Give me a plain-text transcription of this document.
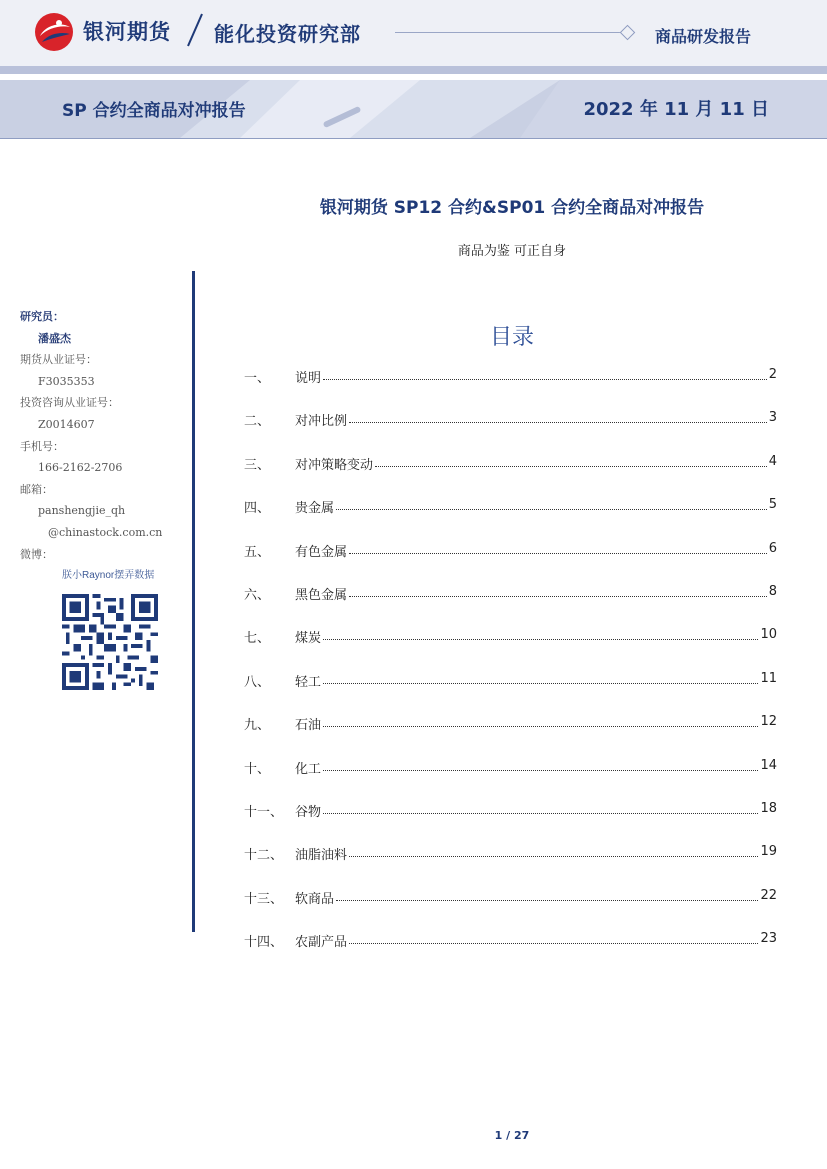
银河期货 能化投资研究部	商品研发报告
SP 合约全商品对冲报告	2022 年 11 月 11 日
银河期货 SP12 合约&SP01 合约全商品对冲报告
商品为鉴 可正自身
研究员：
潘盛杰
期货从业证号：
F3035353
投资咨询从业证号：
Z0014607
手机号：
166-2162-2706
邮箱：
panshengjie_qh
@chinastock.com.cn
微博：
朕小Raynor摆弄数据
目录
一、	说明	2
二、	对冲比例	3
三、	对冲策略变动	4
四、	贵金属	5
五、	有色金属	6
六、	黑色金属	8
七、	煤炭	10
八、	轻工	11
九、	石油	12
十、	化工	14
十一、 谷物	18
十二、 油脂油料	19
十三、 软商品	22
十四、 农副产品	23
1 / 27
